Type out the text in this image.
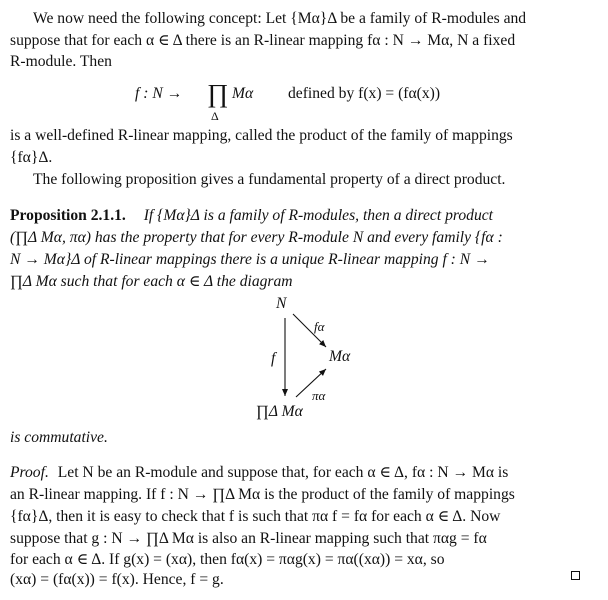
We now need the following concept: Let {Mα}Δ be a family of R-modules and
suppose that for each α ∈ Δ there is an R-linear mapping fα : N → Mα, N a fixed
R-module. Then
f : N → ∏ Mα
Δ
defined by f(x) = (fα(x))
is a well-defined R-linear mapping, called the product of the family of mappings
{fα}Δ.
The following proposition gives a fundamental property of a direct product.
Proposition 2.1.1. If {Mα}Δ is a family of R-modules, then a direct product
(∏Δ Mα, πα) has the property that for every R-module N and every family {fα :
N → Mα}Δ of R-linear mappings there is a unique R-linear mapping f : N →
∏Δ Mα such that for each α ∈ Δ the diagram
N
Mα
∏Δ Mα
f
fα
πα
is commutative.
Proof. Let N be an R-module and suppose that, for each α ∈ Δ, fα : N → Mα is
an R-linear mapping. If f : N → ∏Δ Mα is the product of the family of mappings
{fα}Δ, then it is easy to check that f is such that πα f = fα for each α ∈ Δ. Now
suppose that g : N → ∏Δ Mα is also an R-linear mapping such that παg = fα
for each α ∈ Δ. If g(x) = (xα), then fα(x) = παg(x) = πα((xα)) = xα, so
(xα) = (fα(x)) = f(x). Hence, f = g.
